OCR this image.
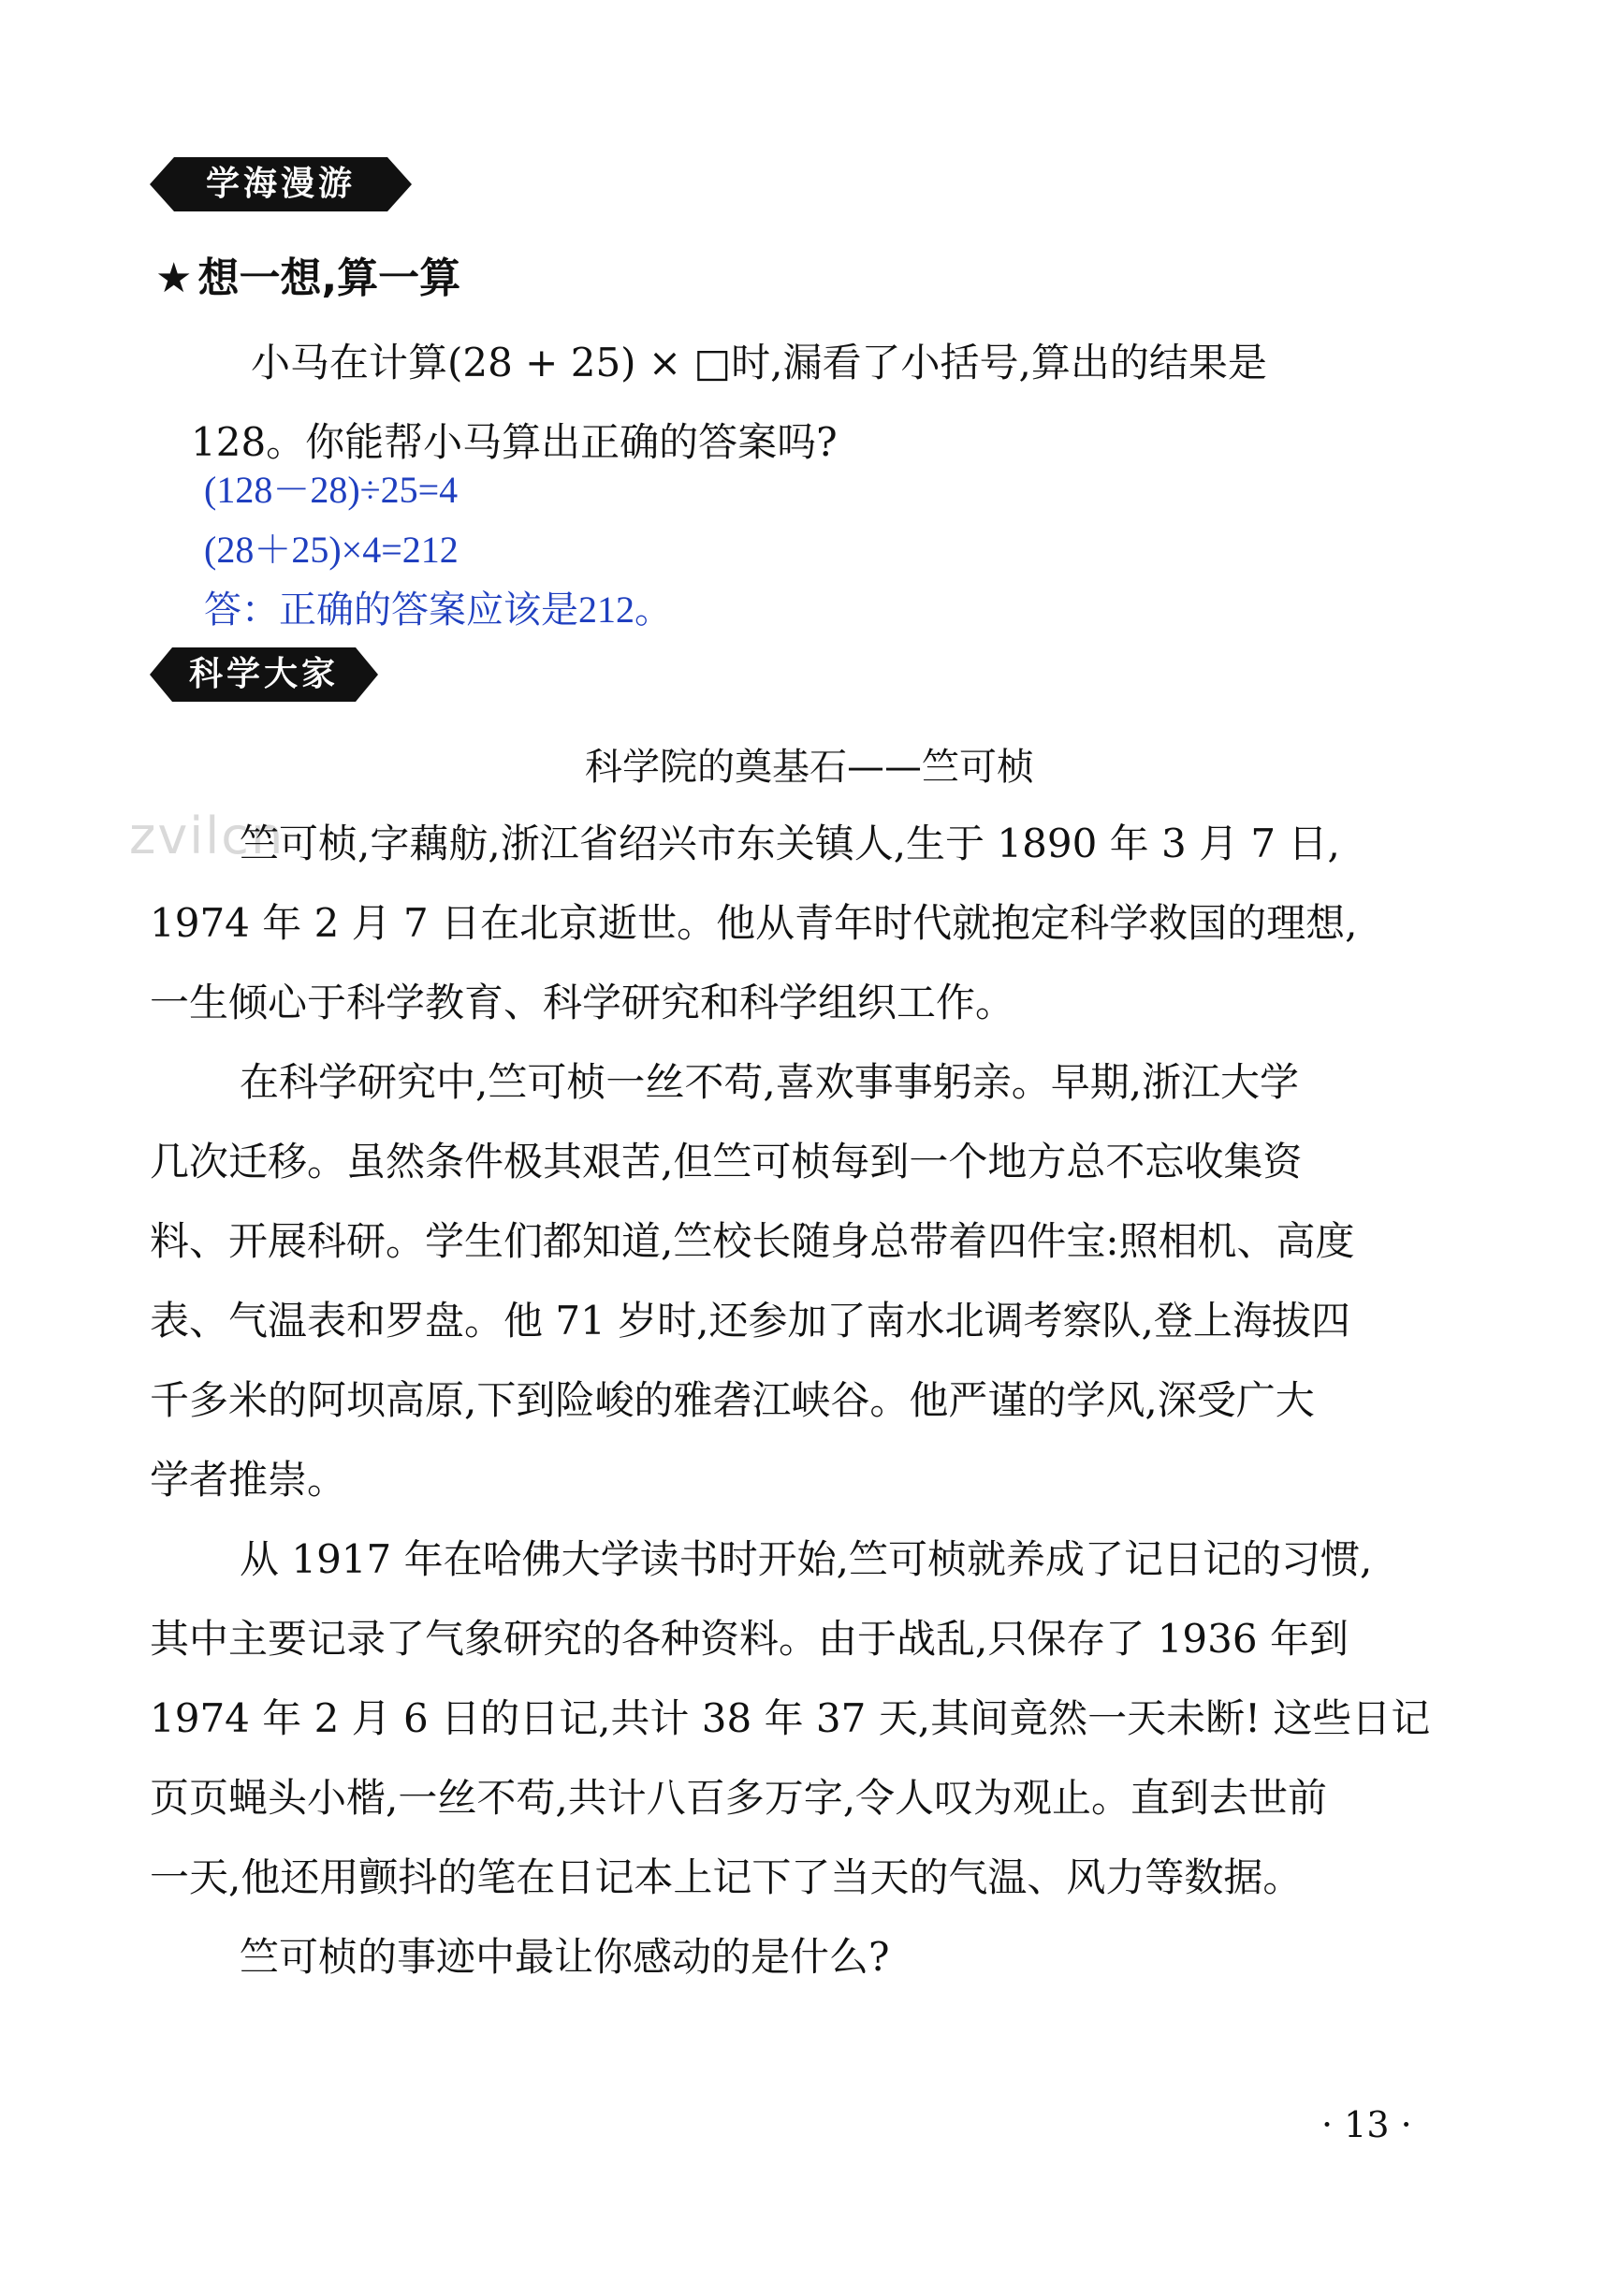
学海漫游
★ 想一想,算一算
小马在计算(28 + 25) × □时,漏看了小括号,算出的结果是
128。你能帮小马算出正确的答案吗?
(128－28)÷25=4
(28＋25)×4=212
答：正确的答案应该是212。
科学大家
科学院的奠基石——竺可桢
zvilcn
竺可桢,字藕舫,浙江省绍兴市东关镇人,生于 1890 年 3 月 7 日,
1974 年 2 月 7 日在北京逝世。他从青年时代就抱定科学救国的理想,
一生倾心于科学教育、科学研究和科学组织工作。
在科学研究中,竺可桢一丝不苟,喜欢事事躬亲。早期,浙江大学
几次迁移。虽然条件极其艰苦,但竺可桢每到一个地方总不忘收集资
料、开展科研。学生们都知道,竺校长随身总带着四件宝:照相机、高度
表、气温表和罗盘。他 71 岁时,还参加了南水北调考察队,登上海拔四
千多米的阿坝高原,下到险峻的雅砻江峡谷。他严谨的学风,深受广大
学者推崇。
从 1917 年在哈佛大学读书时开始,竺可桢就养成了记日记的习惯,
其中主要记录了气象研究的各种资料。由于战乱,只保存了 1936 年到
1974 年 2 月 6 日的日记,共计 38 年 37 天,其间竟然一天未断! 这些日记
页页蝇头小楷,一丝不苟,共计八百多万字,令人叹为观止。直到去世前
一天,他还用颤抖的笔在日记本上记下了当天的气温、风力等数据。
竺可桢的事迹中最让你感动的是什么?
· 13 ·
